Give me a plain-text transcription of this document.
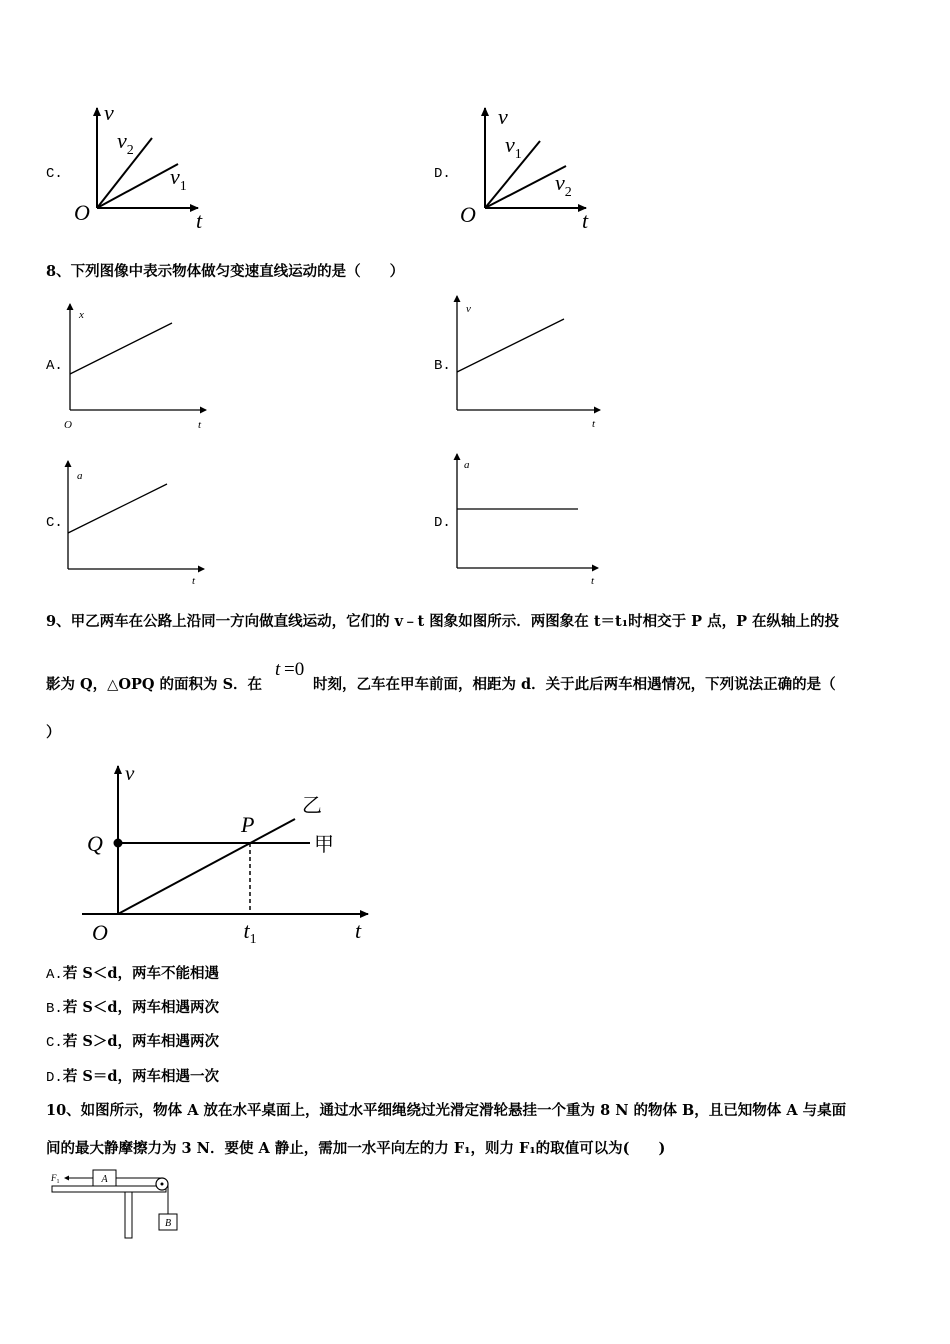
C.
v
t
O
$v_2$
$v_1$
D.
v
t
O
$v_1$
$v_2$
8、下列图像中表示物体做匀变速直线运动的是（　　）
A.
x
t
O
B.
v
t
C.
a
t
D.
a
t
9、甲乙两车在公路上沿同一方向做直线运动，它们的 v﹣t 图象如图所示．两图象在 t＝t₁时相交于 P 点，P 在纵轴上的投
影为 Q，△OPQ 的面积为 S．在
t =0
时刻，乙车在甲车前面，相距为 d．关于此后两车相遇情况，下列说法正确的是（
）
v
t
O
Q
P
$t_1$
甲
乙
A.若 S＜d，两车不能相遇
B.若 S＜d，两车相遇两次
C.若 S＞d，两车相遇两次
D.若 S＝d，两车相遇一次
10、如图所示，物体 A 放在水平桌面上，通过水平细绳绕过光滑定滑轮悬挂一个重为 8 N 的物体 B，且已知物体 A 与桌面
间的最大静摩擦力为 3 N．要使 A 静止，需加一水平向左的力 F₁，则力 F₁的取值可以为(　　)
A
$F_1$
B
